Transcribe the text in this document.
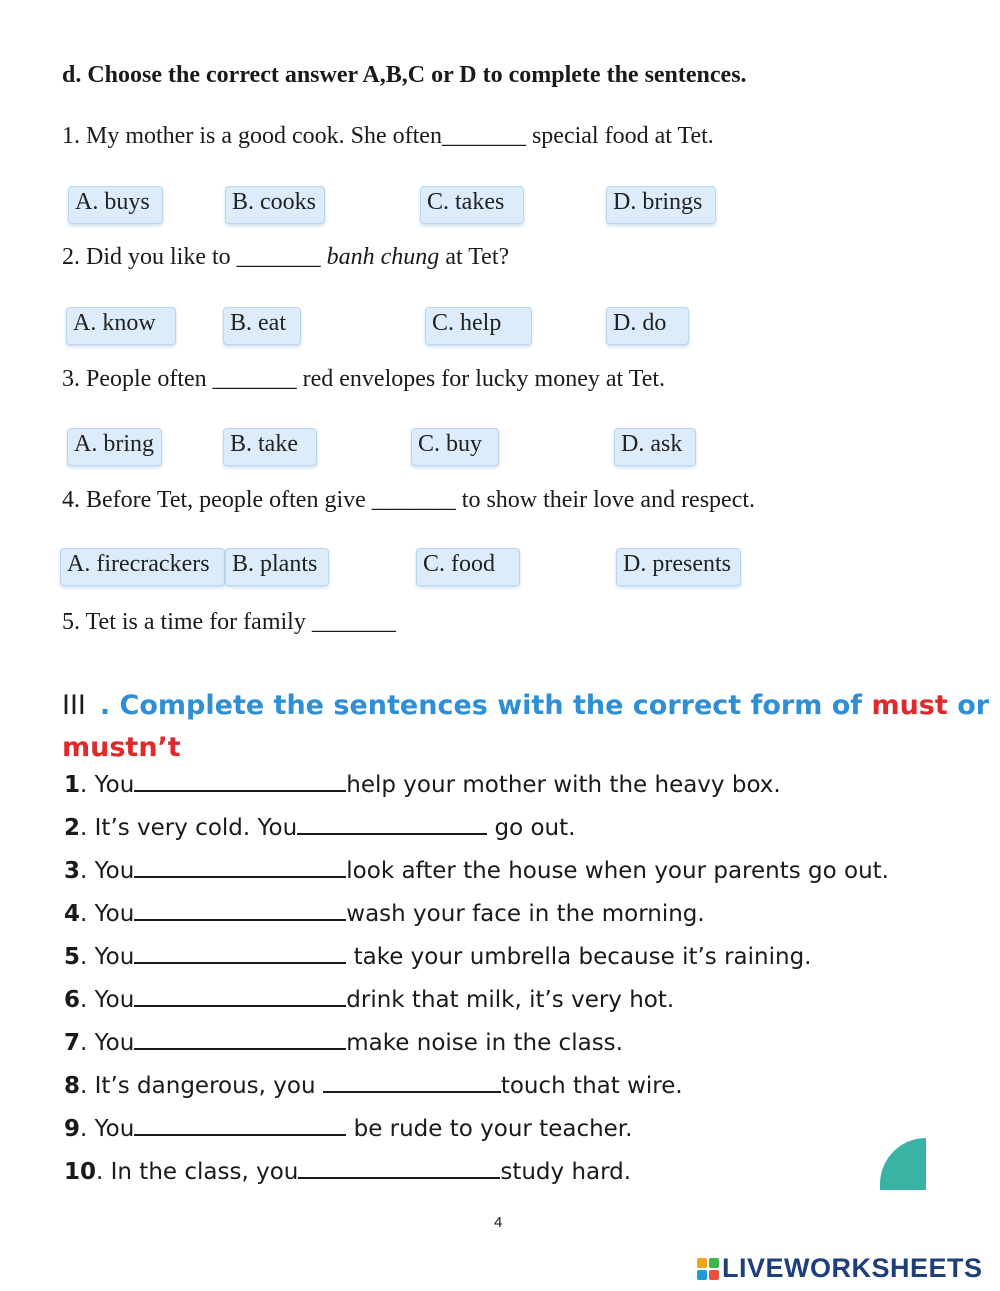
d. Choose the correct answer A,B,C or D to complete the sentences.
1. My mother is a good cook. She often_______ special food at Tet.
A. buys	B. cooks	C. takes	D. brings
2. Did you like to _______ banh chung at Tet?
A. know	B. eat	C. help	D. do
3. People often _______ red envelopes for lucky money at Tet.
A. bring	B. take	C. buy	D. ask
4. Before Tet, people often give _______ to show their love and respect.
A. firecrackers B. plants	C. food	D. presents
5. Tet is a time for family _______
III . Complete the sentences with the correct form of must or
mustn’t
1. You	help your mother with the heavy box.
2. It’s very cold. You	go out.
3. You	look after the house when your parents go out.
4. You	wash your face in the morning.
5. You	take your umbrella because it’s raining.
6. You	drink that milk, it’s very hot.
7. You	make noise in the class.
8. It’s dangerous, you	touch that wire.
9. You	be rude to your teacher.
10. In the class, you	study hard.
4
LIVEWORKSHEETS
